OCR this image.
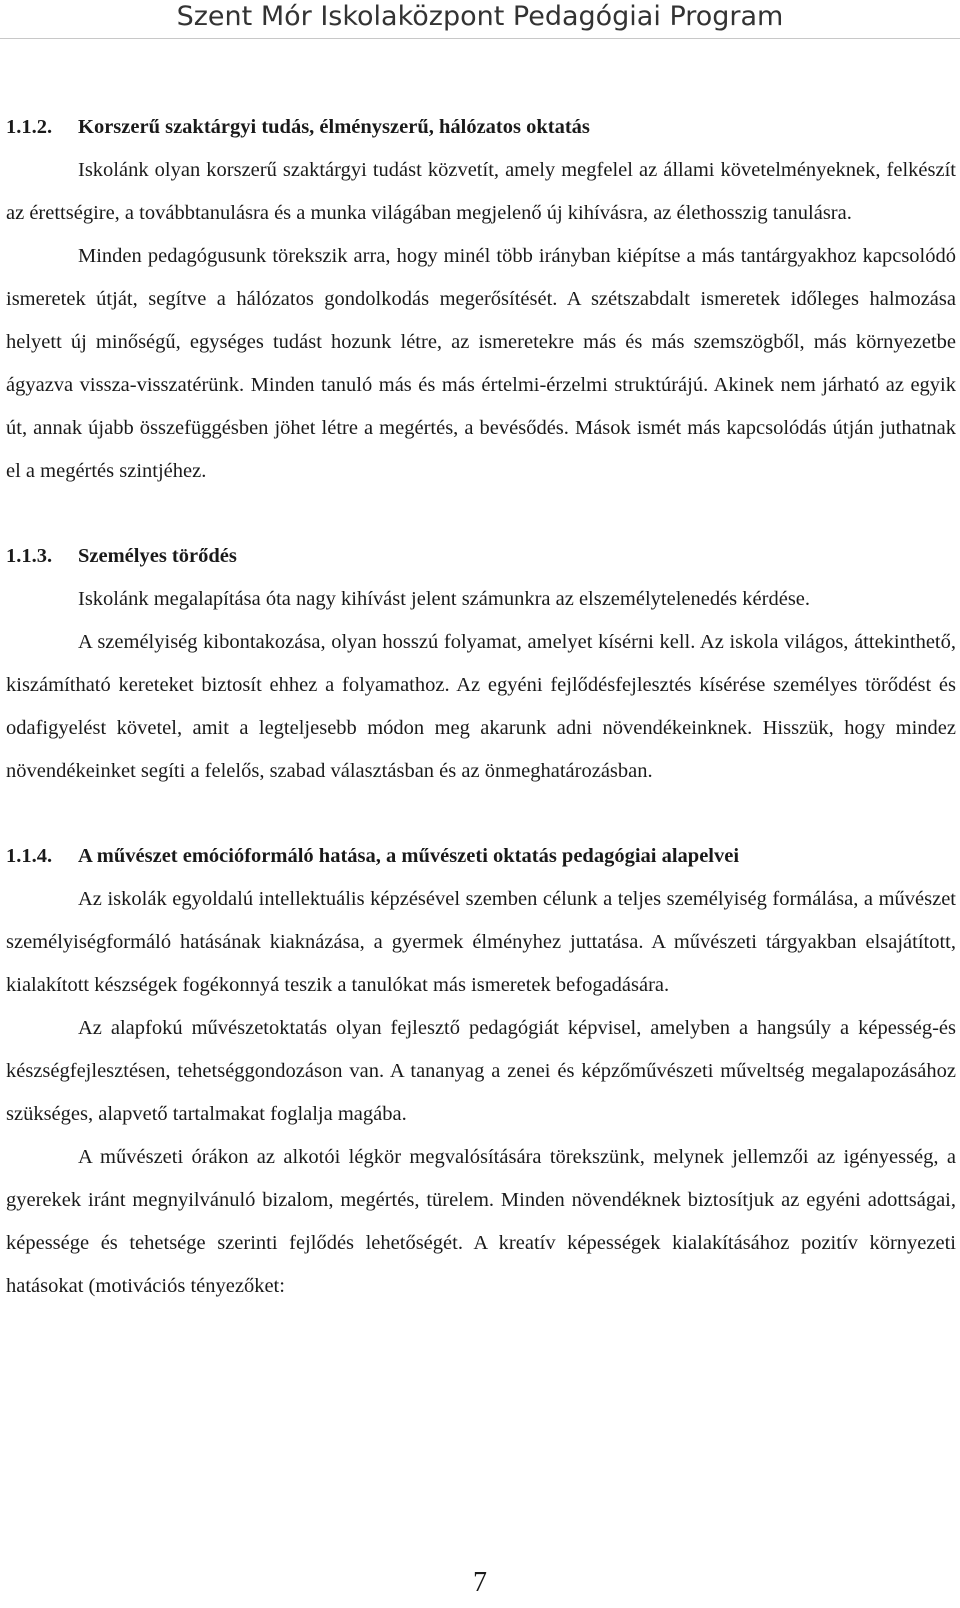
Szent Mór Iskolaközpont Pedagógiai Program
1.1.2.	Korszerű szaktárgyi tudás, élményszerű, hálózatos oktatás

Iskolánk olyan korszerű szaktárgyi tudást közvetít, amely megfelel az állami követelményeknek, felkészít az érettségire, a továbbtanulásra és a munka világában megjelenő új kihívásra, az élethosszig tanulásra.

Minden pedagógusunk törekszik arra, hogy minél több irányban kiépítse a más tantárgyakhoz kapcsolódó ismeretek útját, segítve a hálózatos gondolkodás megerősítését. A szétszabdalt ismeretek időleges halmozása helyett új minőségű, egységes tudást hozunk létre, az ismeretekre más és más szemszögből, más környezetbe ágyazva vissza-visszatérünk. Minden tanuló más és más értelmi-érzelmi struktúrájú. Akinek nem járható az egyik út, annak újabb összefüggésben jöhet létre a megértés, a bevésődés. Mások ismét más kapcsolódás útján juthatnak el a megértés szintjéhez.

1.1.3.	Személyes törődés

Iskolánk megalapítása óta nagy kihívást jelent számunkra az elszemélytelenedés kérdése.

A személyiség kibontakozása, olyan hosszú folyamat, amelyet kísérni kell. Az iskola világos, áttekinthető, kiszámítható kereteket biztosít ehhez a folyamathoz. Az egyéni fejlődésfejlesztés kísérése személyes törődést és odafigyelést követel, amit a legteljesebb módon meg akarunk adni növendékeinknek. Hisszük, hogy mindez növendékeinket segíti a felelős, szabad választásban és az önmeghatározásban.

1.1.4.	A művészet emócióformáló hatása, a művészeti oktatás pedagógiai alapelvei

Az iskolák egyoldalú intellektuális képzésével szemben célunk a teljes személyiség formálása, a művészet személyiségformáló hatásának kiaknázása, a gyermek élményhez juttatása. A művészeti tárgyakban elsajátított, kialakított készségek fogékonnyá teszik a tanulókat más ismeretek befogadására.

Az alapfokú művészetoktatás olyan fejlesztő pedagógiát képvisel, amelyben a hangsúly a képesség-és készségfejlesztésen, tehetséggondozáson van. A tananyag a zenei és képzőművészeti műveltség megalapozásához szükséges, alapvető tartalmakat foglalja magába.

A művészeti órákon az alkotói légkör megvalósítására törekszünk, melynek jellemzői az igényesség, a gyerekek iránt megnyilvánuló bizalom, megértés, türelem. Minden növendéknek biztosítjuk az egyéni adottságai, képessége és tehetsége szerinti fejlődés lehetőségét. A kreatív képességek kialakításához pozitív környezeti hatásokat (motivációs tényezőket:

7
